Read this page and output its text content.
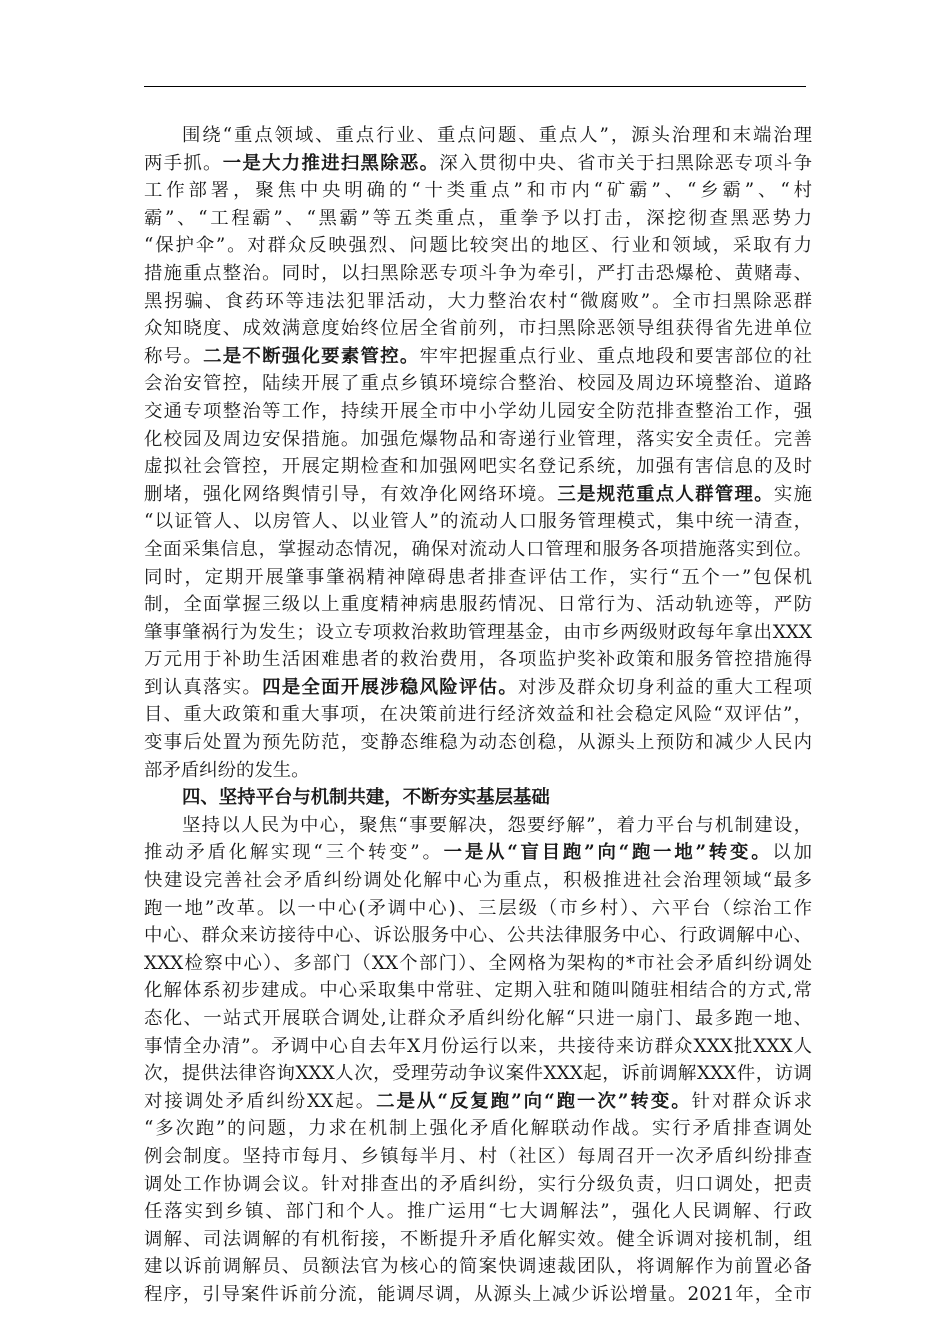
围绕“重点领域、重点行业、重点问题、重点人”，源头治理和末端治理
两手抓。一是大力推进扫黑除恶。深入贯彻中央、省市关于扫黑除恶专项斗争
工作部署，聚焦中央明确的“十类重点”和市内“矿霸”、“乡霸”、“村
霸”、“工程霸”、“黑霸”等五类重点，重拳予以打击，深挖彻查黑恶势力
“保护伞”。对群众反映强烈、问题比较突出的地区、行业和领域，采取有力
措施重点整治。同时，以扫黑除恶专项斗争为牵引，严打击恐爆枪、黄赌毒、
黑拐骗、食药环等违法犯罪活动，大力整治农村“微腐败”。全市扫黑除恶群
众知晓度、成效满意度始终位居全省前列，市扫黑除恶领导组获得省先进单位
称号。二是不断强化要素管控。牢牢把握重点行业、重点地段和要害部位的社
会治安管控，陆续开展了重点乡镇环境综合整治、校园及周边环境整治、道路
交通专项整治等工作，持续开展全市中小学幼儿园安全防范排查整治工作，强
化校园及周边安保措施。加强危爆物品和寄递行业管理，落实安全责任。完善
虚拟社会管控，开展定期检查和加强网吧实名登记系统，加强有害信息的及时
删堵，强化网络舆情引导，有效净化网络环境。三是规范重点人群管理。实施
“以证管人、以房管人、以业管人”的流动人口服务管理模式，集中统一清查，
全面采集信息，掌握动态情况，确保对流动人口管理和服务各项措施落实到位。
同时，定期开展肇事肇祸精神障碍患者排查评估工作，实行“五个一”包保机
制，全面掌握三级以上重度精神病患服药情况、日常行为、活动轨迹等，严防
肇事肇祸行为发生；设立专项救治救助管理基金，由市乡两级财政每年拿出XXX
万元用于补助生活困难患者的救治费用，各项监护奖补政策和服务管控措施得
到认真落实。四是全面开展涉稳风险评估。对涉及群众切身利益的重大工程项
目、重大政策和重大事项，在决策前进行经济效益和社会稳定风险“双评估”，
变事后处置为预先防范，变静态维稳为动态创稳，从源头上预防和减少人民内
部矛盾纠纷的发生。
四、坚持平台与机制共建，不断夯实基层基础
坚持以人民为中心，聚焦“事要解决，怨要纾解”，着力平台与机制建设，
推动矛盾化解实现“三个转变”。一是从“盲目跑”向“跑一地”转变。以加
快建设完善社会矛盾纠纷调处化解中心为重点，积极推进社会治理领域“最多
跑一地”改革。以一中心(矛调中心)、三层级（市乡村）、六平台（综治工作
中心、群众来访接待中心、诉讼服务中心、公共法律服务中心、行政调解中心、
XXX检察中心）、多部门（XX个部门）、全网格为架构的*市社会矛盾纠纷调处
化解体系初步建成。中心采取集中常驻、定期入驻和随叫随驻相结合的方式,常
态化、一站式开展联合调处,让群众矛盾纠纷化解“只进一扇门、最多跑一地、
事情全办清”。矛调中心自去年X月份运行以来，共接待来访群众XXX批XXX人
次，提供法律咨询XXX人次，受理劳动争议案件XXX起，诉前调解XXX件，访调
对接调处矛盾纠纷XX起。二是从“反复跑”向“跑一次”转变。针对群众诉求
“多次跑”的问题，力求在机制上强化矛盾化解联动作战。实行矛盾排查调处
例会制度。坚持市每月、乡镇每半月、村（社区）每周召开一次矛盾纠纷排查
调处工作协调会议。针对排查出的矛盾纠纷，实行分级负责，归口调处，把责
任落实到乡镇、部门和个人。推广运用“七大调解法”，强化人民调解、行政
调解、司法调解的有机衔接，不断提升矛盾化解实效。健全诉调对接机制，组
建以诉前调解员、员额法官为核心的简案快调速裁团队，将调解作为前置必备
程序，引导案件诉前分流，能调尽调，从源头上减少诉讼增量。2021年，全市
